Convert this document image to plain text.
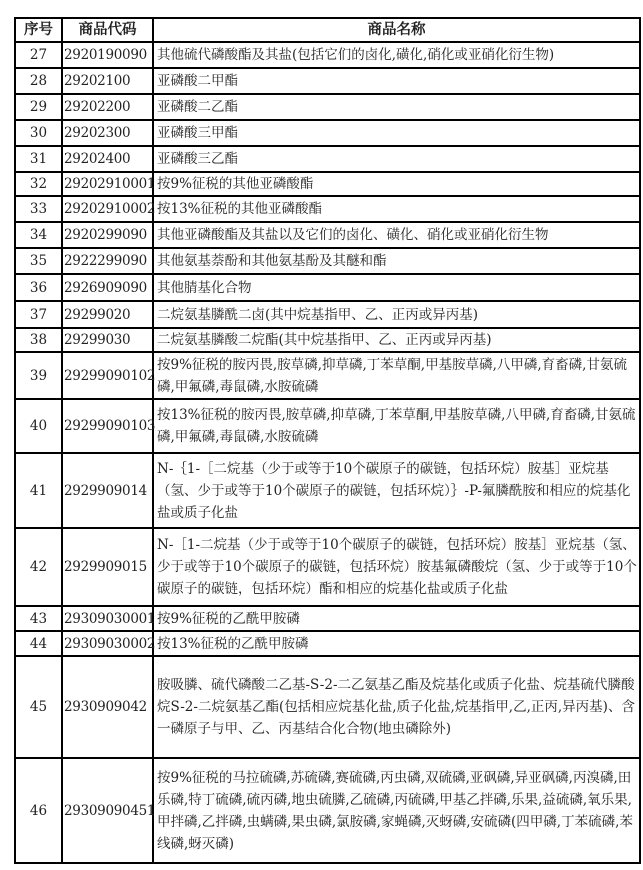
序号	商品代码	商品名称
27	2920190090	其他硫代磷酸酯及其盐(包括它们的卤化,磺化,硝化或亚硝化衍生物)
28	29202100	亚磷酸二甲酯
29	29202200	亚磷酸二乙酯
30	29202300	亚磷酸三甲酯
31	29202400	亚磷酸三乙酯
32	29202910001	按9%征税的其他亚磷酸酯
33	29202910002	按13%征税的其他亚磷酸酯
34	2920299090	其他亚磷酸酯及其盐以及它们的卤化、磺化、硝化或亚硝化衍生物
35	2922299090	其他氨基萘酚和其他氨基酚及其醚和酯
36	2926909090	其他腈基化合物
37	29299020	二烷氨基膦酰二卤(其中烷基指甲、乙、正丙或异丙基)
38	29299030	二烷氨基膦酸二烷酯(其中烷基指甲、乙、正丙或异丙基)
39	29299090102	按9%征税的胺丙畏,胺草磷,抑草磷,丁苯草酮,甲基胺草磷,八甲磷,育畜磷,甘氨硫磷,甲氟磷,毒鼠磷,水胺硫磷
40	29299090103	按13%征税的胺丙畏,胺草磷,抑草磷,丁苯草酮,甲基胺草磷,八甲磷,育畜磷,甘氨硫磷,甲氟磷,毒鼠磷,水胺硫磷
41	2929909014	N-｛1-［二烷基（少于或等于10个碳原子的碳链，包括环烷）胺基］亚烷基（氢、少于或等于10个碳原子的碳链，包括环烷）｝-P-氟膦酰胺和相应的烷基化盐或质子化盐
42	2929909015	N-［1-二烷基（少于或等于10个碳原子的碳链，包括环烷）胺基］亚烷基（氢、少于或等于10个碳原子的碳链，包括环烷）胺基氟磷酸烷（氢、少于或等于10个碳原子的碳链，包括环烷）酯和相应的烷基化盐或质子化盐
43	29309030001	按9%征税的乙酰甲胺磷
44	29309030002	按13%征税的乙酰甲胺磷
45	2930909042	胺吸膦、硫代磷酸二乙基-S-2-二乙氨基乙酯及烷基化或质子化盐、烷基硫代膦酸烷S-2-二烷氨基乙酯(包括相应烷基化盐,质子化盐,烷基指甲,乙,正丙,异丙基)、含一磷原子与甲、乙、丙基结合化合物(地虫磷除外)
46	29309090451	按9%征税的马拉硫磷,苏硫磷,赛硫磷,丙虫磷,双硫磷,亚砜磷,异亚砜磷,丙溴磷,田乐磷,特丁硫磷,硫丙磷,地虫硫膦,乙硫磷,丙硫磷,甲基乙拌磷,乐果,益硫磷,氧乐果,甲拌磷,乙拌磷,虫螨磷,果虫磷,氯胺磷,家蝇磷,灭蚜磷,安硫磷(四甲磷,丁苯硫磷,苯线磷,蚜灭磷)
